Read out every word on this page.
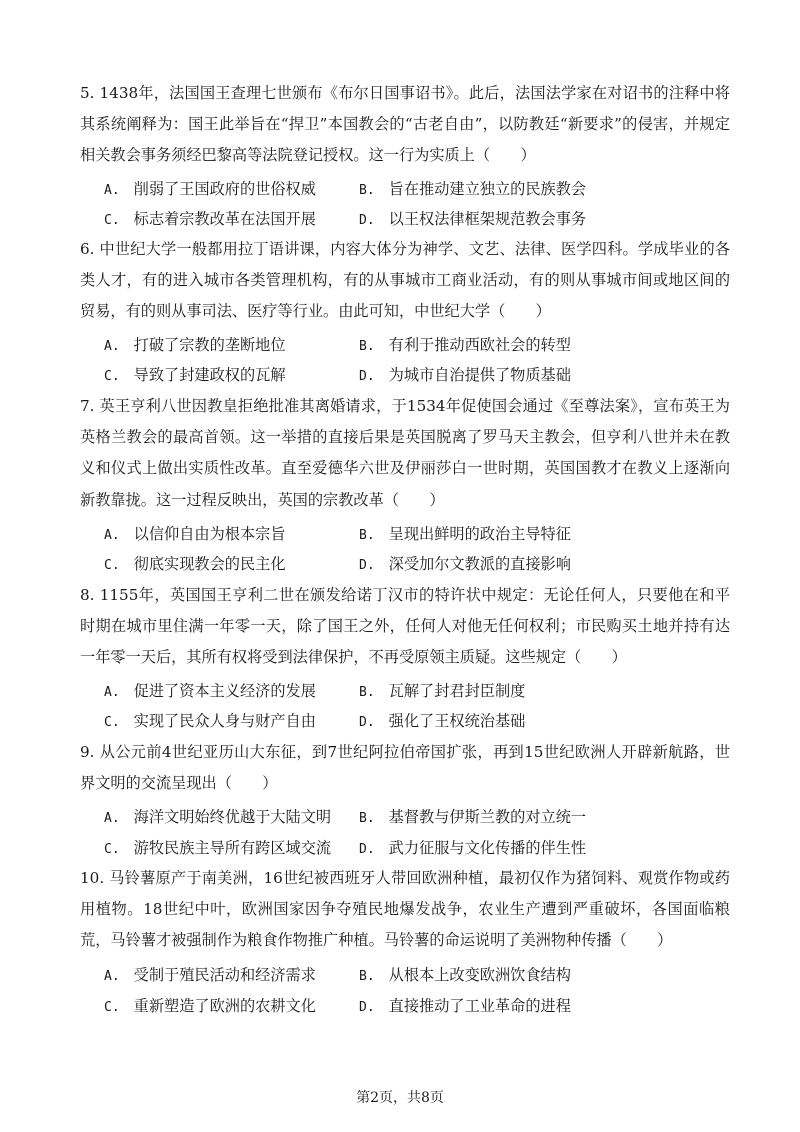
5. 1438年，法国国王查理七世颁布《布尔日国事诏书》。此后，法国法学家在对诏书的注释中将其系统阐释为：国王此举旨在“捍卫”本国教会的“古老自由”，以防教廷“新要求”的侵害，并规定相关教会事务须经巴黎高等法院登记授权。这一行为实质上（　　）
A. 削弱了王国政府的世俗权威	B. 旨在推动建立独立的民族教会
C. 标志着宗教改革在法国开展	D. 以王权法律框架规范教会事务
6. 中世纪大学一般都用拉丁语讲课，内容大体分为神学、文艺、法律、医学四科。学成毕业的各类人才，有的进入城市各类管理机构，有的从事城市工商业活动，有的则从事城市间或地区间的贸易，有的则从事司法、医疗等行业。由此可知，中世纪大学（　　）
A. 打破了宗教的垄断地位	B. 有利于推动西欧社会的转型
C. 导致了封建政权的瓦解	D. 为城市自治提供了物质基础
7. 英王亨利八世因教皇拒绝批准其离婚请求，于1534年促使国会通过《至尊法案》，宣布英王为英格兰教会的最高首领。这一举措的直接后果是英国脱离了罗马天主教会，但亨利八世并未在教义和仪式上做出实质性改革。直至爱德华六世及伊丽莎白一世时期，英国国教才在教义上逐渐向新教靠拢。这一过程反映出，英国的宗教改革（　　）
A. 以信仰自由为根本宗旨	B. 呈现出鲜明的政治主导特征
C. 彻底实现教会的民主化	D. 深受加尔文教派的直接影响
8. 1155年，英国国王亨利二世在颁发给诺丁汉市的特许状中规定：无论任何人，只要他在和平时期在城市里住满一年零一天，除了国王之外，任何人对他无任何权利；市民购买土地并持有达一年零一天后，其所有权将受到法律保护，不再受原领主质疑。这些规定（　　）
A. 促进了资本主义经济的发展	B. 瓦解了封君封臣制度
C. 实现了民众人身与财产自由	D. 强化了王权统治基础
9. 从公元前4世纪亚历山大东征，到7世纪阿拉伯帝国扩张，再到15世纪欧洲人开辟新航路，世界文明的交流呈现出（　　）
A. 海洋文明始终优越于大陆文明 B. 基督教与伊斯兰教的对立统一
C. 游牧民族主导所有跨区域交流 D. 武力征服与文化传播的伴生性
10. 马铃薯原产于南美洲，16世纪被西班牙人带回欧洲种植，最初仅作为猪饲料、观赏作物或药用植物。18世纪中叶，欧洲国家因争夺殖民地爆发战争，农业生产遭到严重破坏，各国面临粮荒，马铃薯才被强制作为粮食作物推广种植。马铃薯的命运说明了美洲物种传播（　　）
A. 受制于殖民活动和经济需求	B. 从根本上改变欧洲饮食结构
C. 重新塑造了欧洲的农耕文化	D. 直接推动了工业革命的进程
第2页，共8页
